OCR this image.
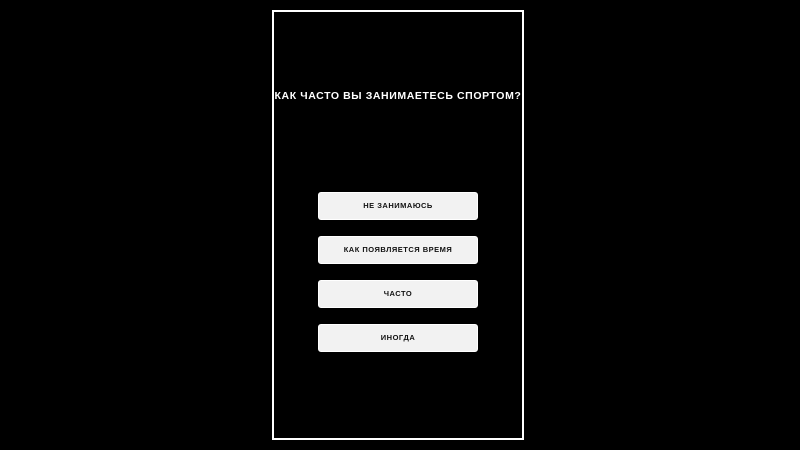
КАК ЧАСТО ВЫ ЗАНИМАЕТЕСЬ СПОРТОМ?
НЕ ЗАНИМАЮСЬ
КАК ПОЯВЛЯЕТСЯ ВРЕМЯ
ЧАСТО
ИНОГДА
